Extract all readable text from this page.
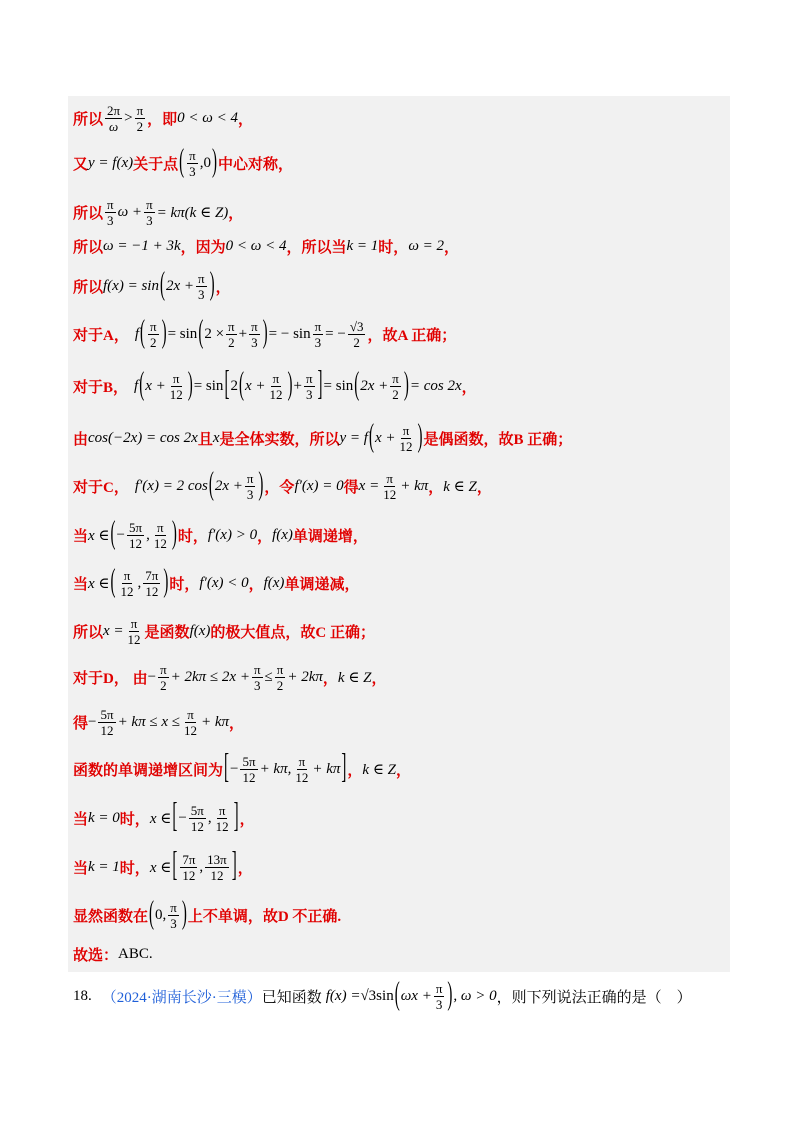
所以 $\frac{2\pi}{\omega} > \frac{\pi}{2}$ ，即 0 < ω < 4 ，
又 y = f(x) 关于点 ( $\frac{\pi}{3} ,0$ ) 中心对称，
所以 $\frac{\pi}{3}$ $\omega + \frac{\pi}{3} = k\pi(k$ ∈ Z) ，
所以 ω = −1 + 3k ，因为 0 < ω < 4 ，所以当 k = 1 时， ω = 2 ，
所以 f(x) = sin ( $2x + \frac{\pi}{3}$ ) ，
对于A， f ( $\frac{\pi}{2}$ ) = sin ( $2 \times \frac{\pi}{2} + \frac{\pi}{3}$ ) = − $\sin \frac{\pi}{3}$ = − $\frac{√3}{2}$ ，故A 正确；
对于B， f ( $x + \frac{\pi}{12}$ ) = sin [ 2 ( $x + \frac{\pi}{12}$ ) + $\frac{\pi}{3}$ ] = sin ( $2x + \frac{\pi}{2}$ ) = cos 2x ，
由 cos(−2x) = cos 2x 且 x 是全体实数，所以 y = f ( $x + \frac{\pi}{12}$ ) 是偶函数，故B 正确；
对于C， f′(x) = 2 cos ( $2x + \frac{\pi}{3}$ ) ，令 f′(x) = 0 得 $x = \frac{\pi}{12} + k\pi$ ， k ∈ Z ，
当 x ∈ ( − $\frac{5\pi}{12}$ , $\frac{\pi}{12}$ ) 时， f′(x) > 0 ， f(x) 单调递增，
当 x ∈ ( $\frac{\pi}{12}$ , $\frac{7\pi}{12}$ ) 时， f′(x) < 0 ， f(x) 单调递减，
所以 $x = \frac{\pi}{12}$ 是函数 f(x) 的极大值点，故C 正确；
对于D， 由 − $\frac{\pi}{2} + 2k\pi \le 2x + \frac{\pi}{3} \le \frac{\pi}{2} + 2k\pi$ ， k ∈ Z ，
得 − $\frac{5\pi}{12} + k\pi \le x \le \frac{\pi}{12} + k\pi$ ，
函数的单调递增区间为 [ − $\frac{5\pi}{12} + k\pi$, $\frac{\pi}{12} + k\pi$ ] ， k ∈ Z ，
当 k = 0 时， x ∈ [ − $\frac{5\pi}{12}$ , $\frac{\pi}{12}$ ] ，
当 k = 1 时， x ∈ [ $\frac{7\pi}{12}$ , $\frac{13\pi}{12}$ ] ，
显然函数在 ( 0, $\frac{\pi}{3}$ ) 上不单调，故D 不正确.
故选： ABC .
18. （2024·湖南长沙·三模） 已知函数 f(x) = √3sin ( $\omega x + \frac{\pi}{3}$ ) , ω > 0 ，则下列说法正确的是（　）
